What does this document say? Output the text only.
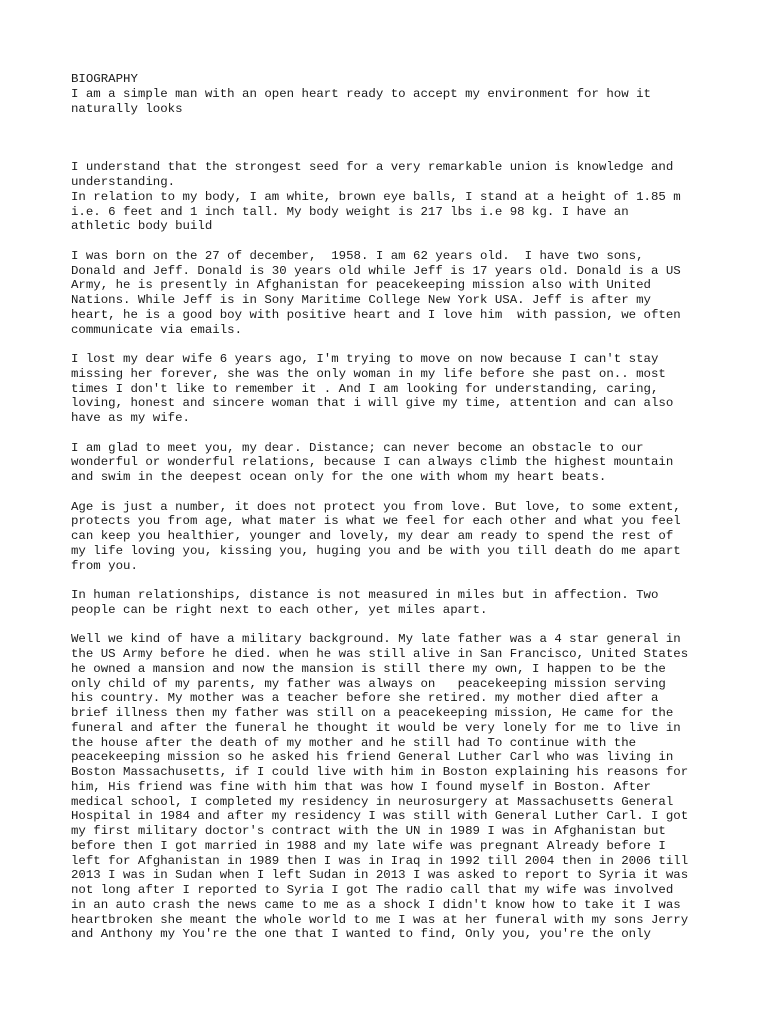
BIOGRAPHY
I am a simple man with an open heart ready to accept my environment for how it
naturally looks
I understand that the strongest seed for a very remarkable union is knowledge and
understanding.
In relation to my body, I am white, brown eye balls, I stand at a height of 1.85 m
i.e. 6 feet and 1 inch tall. My body weight is 217 lbs i.e 98 kg. I have an
athletic body build
I was born on the 27 of december,  1958. I am 62 years old.  I have two sons,
Donald and Jeff. Donald is 30 years old while Jeff is 17 years old. Donald is a US
Army, he is presently in Afghanistan for peacekeeping mission also with United
Nations. While Jeff is in Sony Maritime College New York USA. Jeff is after my
heart, he is a good boy with positive heart and I love him  with passion, we often
communicate via emails.
I lost my dear wife 6 years ago, I'm trying to move on now because I can't stay
missing her forever, she was the only woman in my life before she past on.. most
times I don't like to remember it . And I am looking for understanding, caring,
loving, honest and sincere woman that i will give my time, attention and can also
have as my wife.
I am glad to meet you, my dear. Distance; can never become an obstacle to our
wonderful or wonderful relations, because I can always climb the highest mountain
and swim in the deepest ocean only for the one with whom my heart beats.
Age is just a number, it does not protect you from love. But love, to some extent,
protects you from age, what mater is what we feel for each other and what you feel
can keep you healthier, younger and lovely, my dear am ready to spend the rest of
my life loving you, kissing you, huging you and be with you till death do me apart
from you.
In human relationships, distance is not measured in miles but in affection. Two
people can be right next to each other, yet miles apart.
Well we kind of have a military background. My late father was a 4 star general in
the US Army before he died. when he was still alive in San Francisco, United States
he owned a mansion and now the mansion is still there my own, I happen to be the
only child of my parents, my father was always on   peacekeeping mission serving
his country. My mother was a teacher before she retired. my mother died after a
brief illness then my father was still on a peacekeeping mission, He came for the
funeral and after the funeral he thought it would be very lonely for me to live in
the house after the death of my mother and he still had To continue with the
peacekeeping mission so he asked his friend General Luther Carl who was living in
Boston Massachusetts, if I could live with him in Boston explaining his reasons for
him, His friend was fine with him that was how I found myself in Boston. After
medical school, I completed my residency in neurosurgery at Massachusetts General
Hospital in 1984 and after my residency I was still with General Luther Carl. I got
my first military doctor's contract with the UN in 1989 I was in Afghanistan but
before then I got married in 1988 and my late wife was pregnant Already before I
left for Afghanistan in 1989 then I was in Iraq in 1992 till 2004 then in 2006 till
2013 I was in Sudan when I left Sudan in 2013 I was asked to report to Syria it was
not long after I reported to Syria I got The radio call that my wife was involved
in an auto crash the news came to me as a shock I didn't know how to take it I was
heartbroken she meant the whole world to me I was at her funeral with my sons Jerry
and Anthony my You're the one that I wanted to find, Only you, you're the only
